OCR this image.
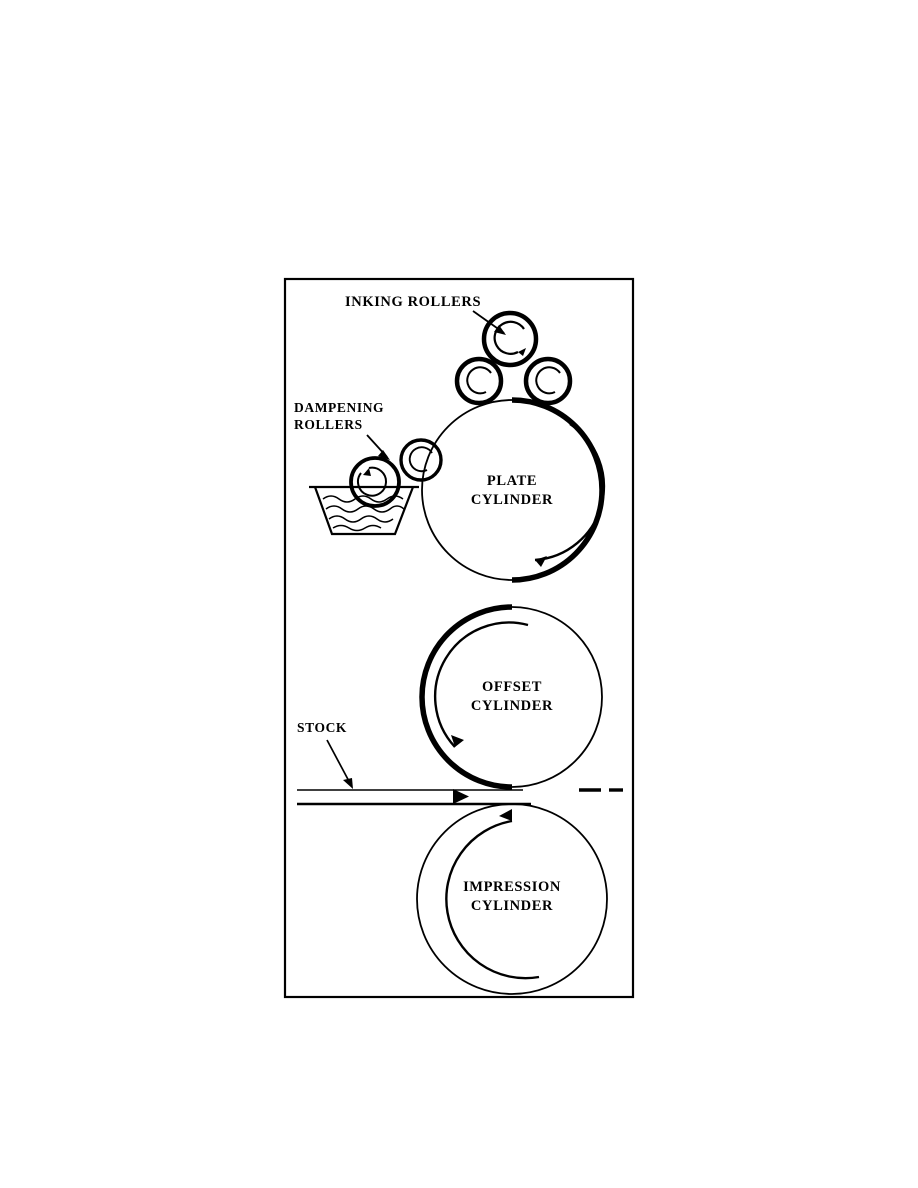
INKING ROLLERS
DAMPENING
ROLLERS
PLATE
CYLINDER
OFFSET
CYLINDER
STOCK
IMPRESSION
CYLINDER
